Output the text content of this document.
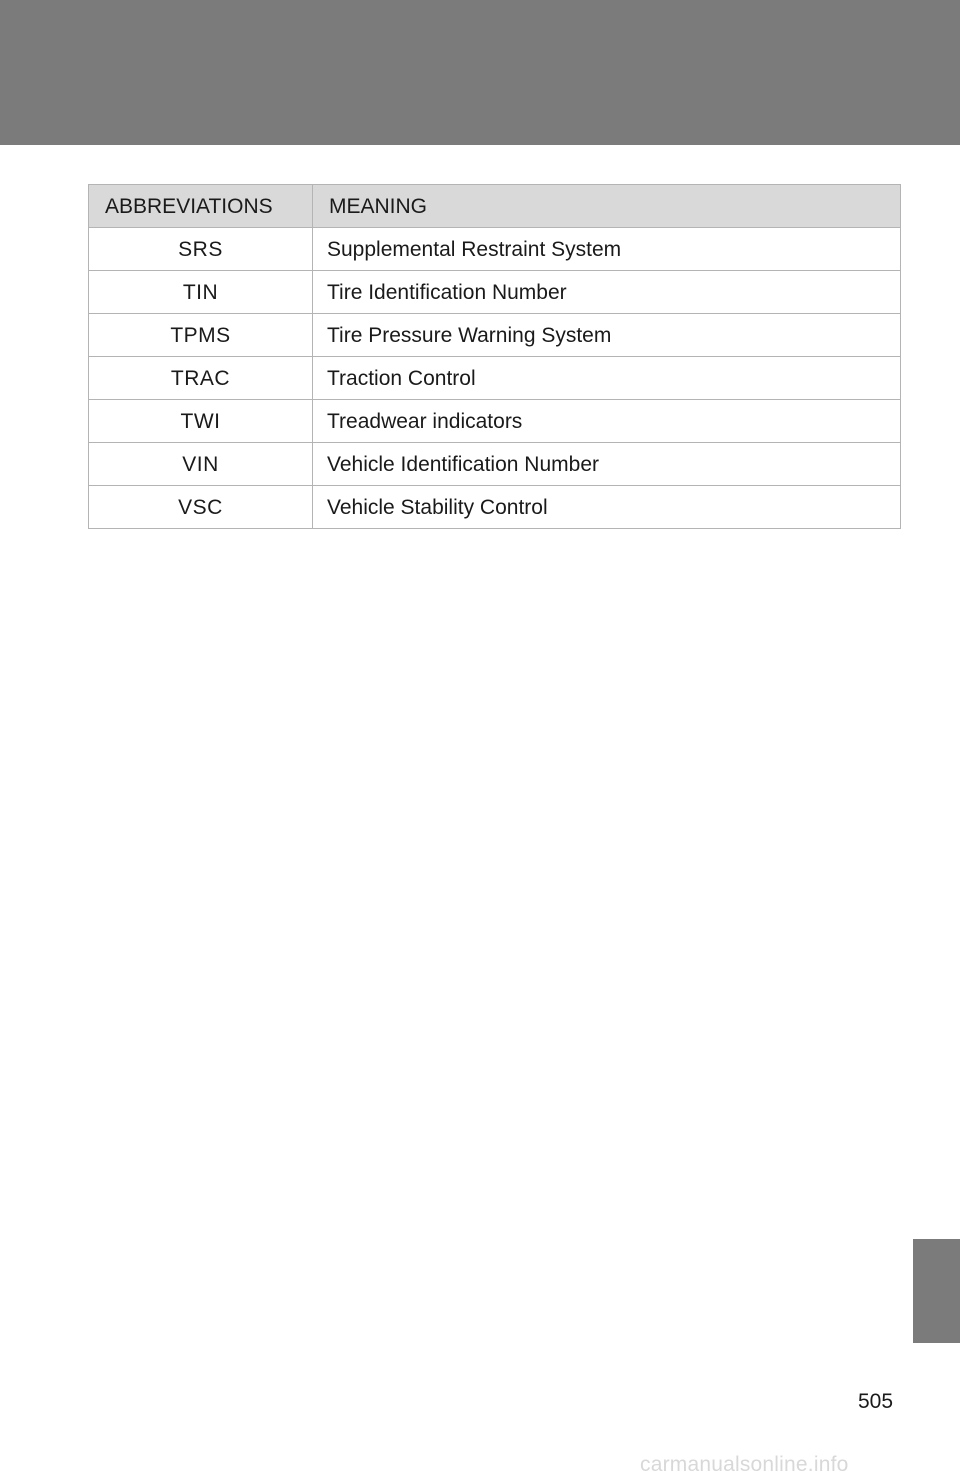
ABBREVIATIONS	MEANING
SRS	Supplemental Restraint System
TIN	Tire Identification Number
TPMS	Tire Pressure Warning System
TRAC	Traction Control
TWI	Treadwear indicators
VIN	Vehicle Identification Number
VSC	Vehicle Stability Control
505
carmanualsonline.info
